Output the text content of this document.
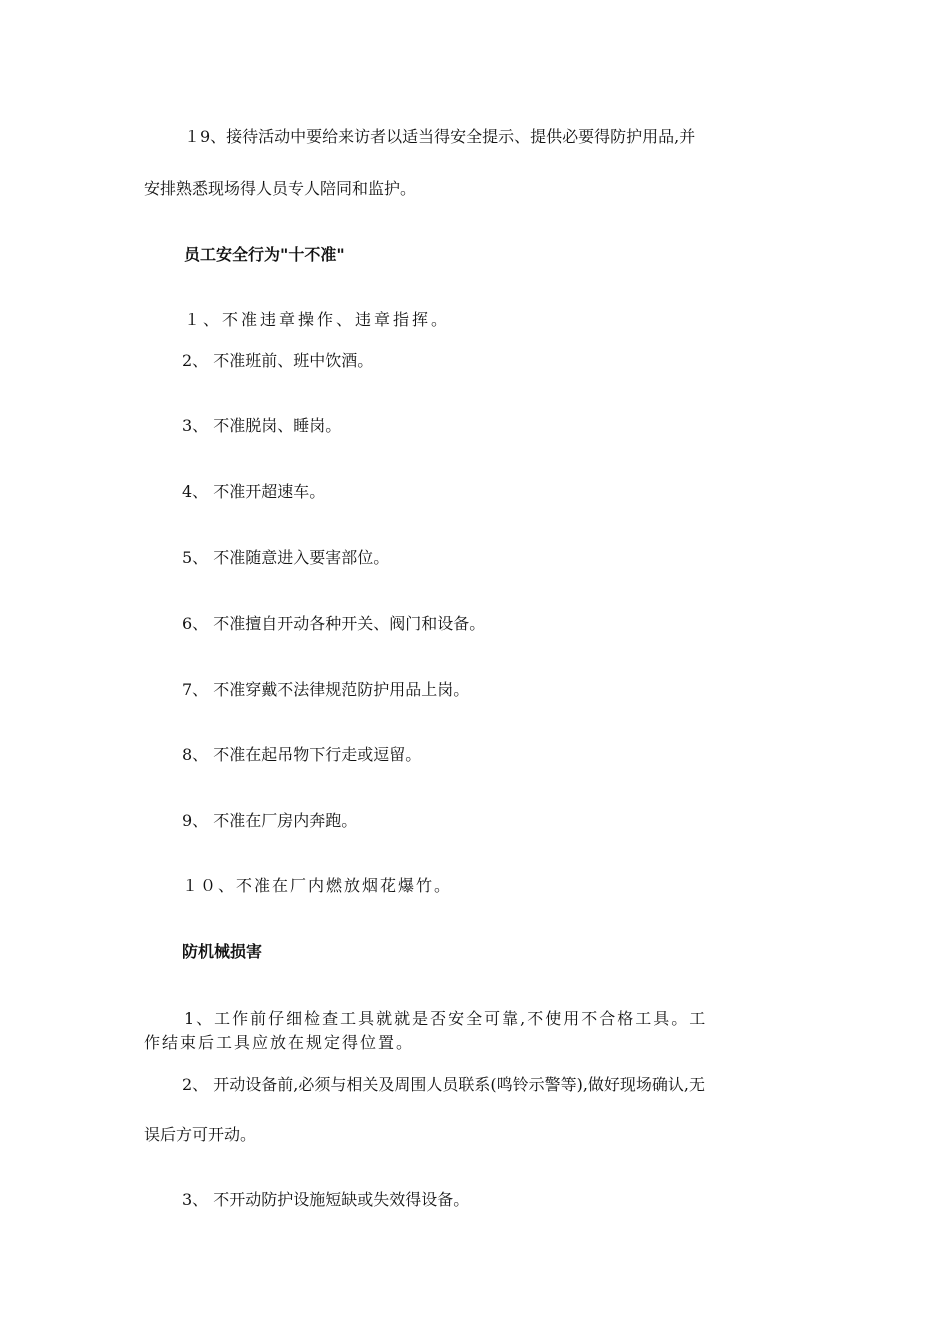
１9、接待活动中要给来访者以适当得安全提示、提供必要得防护用品,并
安排熟悉现场得人员专人陪同和监护。
员工安全行为"十不准"
１、不准违章操作、违章指挥。
2、 不准班前、班中饮酒。
3、 不准脱岗、睡岗。
4、 不准开超速车。
5、 不准随意进入要害部位。
6、 不准擅自开动各种开关、阀门和设备。
7、 不准穿戴不法律规范防护用品上岗。
8、 不准在起吊物下行走或逗留。
9、 不准在厂房内奔跑。
１０、不准在厂内燃放烟花爆竹。
防机械损害
1、工作前仔细检查工具就就是否安全可靠,不使用不合格工具。工
作结束后工具应放在规定得位置。
2、 开动设备前,必须与相关及周围人员联系(鸣铃示警等),做好现场确认,无
误后方可开动。
3、 不开动防护设施短缺或失效得设备。
